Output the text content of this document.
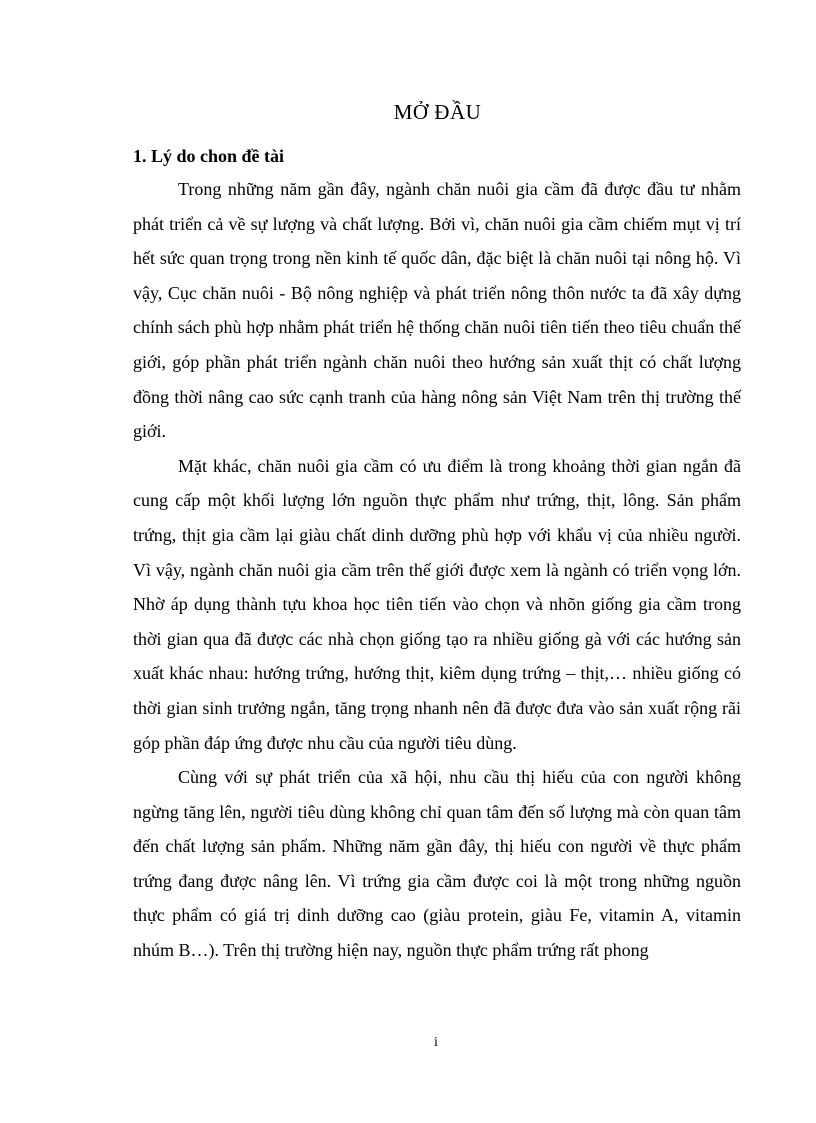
MỞ ĐẦU
1. Lý do chon đề tài

Trong những năm gần đây, ngành chăn nuôi gia cầm đã được đầu tư nhằm phát triển cả về sự lượng và chất lượng. Bởi vì, chăn nuôi gia cầm chiếm mụt vị trí hết sức quan trọng trong nền kinh tế quốc dân, đặc biệt là chăn nuôi tại nông hộ. Vì vậy, Cục chăn nuôi - Bộ nông nghiệp và phát triển nông thôn nước ta đã xây dựng chính sách phù hợp nhằm phát triển hệ thống chăn nuôi tiên tiến theo tiêu chuẩn thế giới, góp phần phát triển ngành chăn nuôi theo hướng sản xuất thịt có chất lượng đồng thời nâng cao sức cạnh tranh của hàng nông sản Việt Nam trên thị trường thế giới.

Mặt khác, chăn nuôi gia cầm có ưu điểm là trong khoảng thời gian ngắn đã cung cấp một khối lượng lớn nguồn thực phẩm như trứng, thịt, lông. Sản phẩm trứng, thịt gia cầm lại giàu chất dinh dưỡng phù hợp với khẩu vị của nhiều người. Vì vậy, ngành chăn nuôi gia cầm trên thế giới được xem là ngành có triển vọng lớn. Nhờ áp dụng thành tựu khoa học tiên tiến vào chọn và nhõn giống gia cầm trong thời gian qua đã được các nhà chọn giống tạo ra nhiều giống gà với các hướng sản xuất khác nhau: hướng trứng, hướng thịt, kiêm dụng trứng – thịt,… nhiều giống có thời gian sinh trưởng ngắn, tăng trọng nhanh nên đã được đưa vào sản xuất rộng rãi góp phần đáp ứng được nhu cầu của người tiêu dùng.

Cùng với sự phát triển của xã hội, nhu cầu thị hiếu của con người không ngừng tăng lên, người tiêu dùng không chỉ quan tâm đến số lượng mà còn quan tâm đến chất lượng sản phẩm. Những năm gần đây, thị hiếu con người về thực phẩm trứng đang được nâng lên. Vì trứng gia cầm được coi là một trong những nguồn thực phẩm có giá trị dinh dưỡng cao (giàu protein, giàu Fe, vitamin A, vitamin nhúm B…). Trên thị trường hiện nay, nguồn thực phẩm trứng rất phong

i
